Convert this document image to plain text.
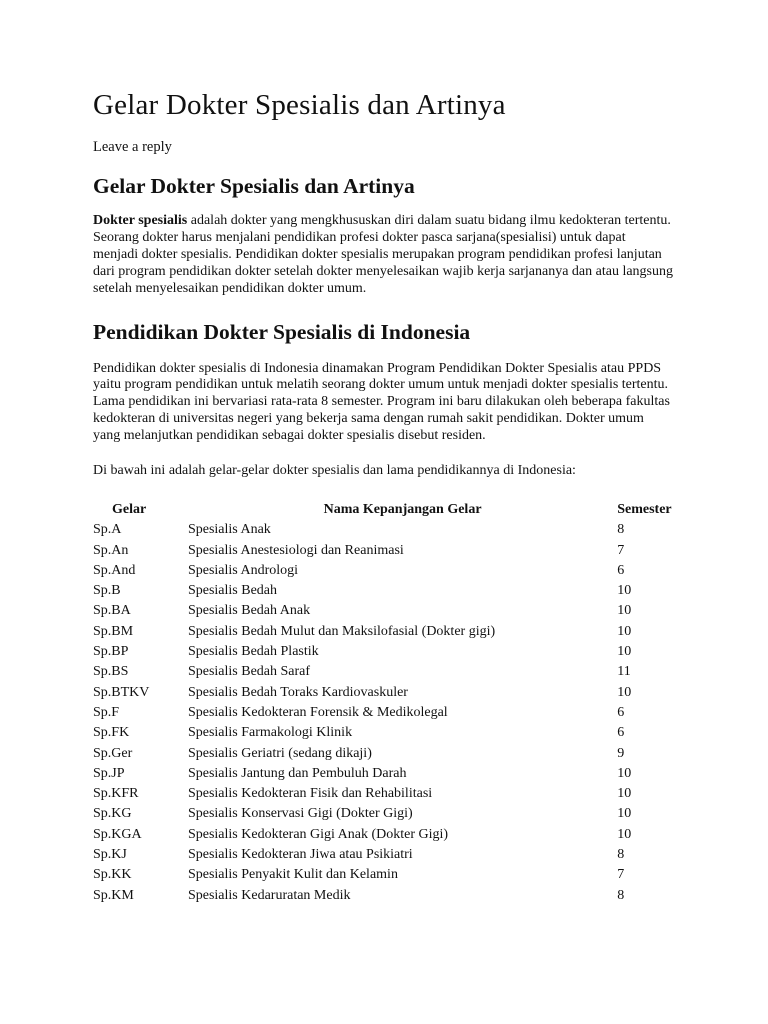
Gelar Dokter Spesialis dan Artinya

Leave a reply

Gelar Dokter Spesialis dan Artinya

Dokter spesialis adalah dokter yang mengkhususkan diri dalam suatu bidang ilmu kedokteran tertentu. Seorang dokter harus menjalani pendidikan profesi dokter pasca sarjana(spesialisi) untuk dapat menjadi dokter spesialis. Pendidikan dokter spesialis merupakan program pendidikan profesi lanjutan dari program pendidikan dokter setelah dokter menyelesaikan wajib kerja sarjananya dan atau langsung setelah menyelesaikan pendidikan dokter umum.

Pendidikan Dokter Spesialis di Indonesia

Pendidikan dokter spesialis di Indonesia dinamakan Program Pendidikan Dokter Spesialis atau PPDS yaitu program pendidikan untuk melatih seorang dokter umum untuk menjadi dokter spesialis tertentu. Lama pendidikan ini bervariasi rata-rata 8 semester. Program ini baru dilakukan oleh beberapa fakultas kedokteran di universitas negeri yang bekerja sama dengan rumah sakit pendidikan. Dokter umum yang melanjutkan pendidikan sebagai dokter spesialis disebut residen.

Di bawah ini adalah gelar-gelar dokter spesialis dan lama pendidikannya di Indonesia:

Gelar	Nama Kepanjangan Gelar	Semester
Sp.A	Spesialis Anak	8
Sp.An	Spesialis Anestesiologi dan Reanimasi	7
Sp.And	Spesialis Andrologi	6
Sp.B	Spesialis Bedah	10
Sp.BA	Spesialis Bedah Anak	10
Sp.BM	Spesialis Bedah Mulut dan Maksilofasial (Dokter gigi)	10
Sp.BP	Spesialis Bedah Plastik	10
Sp.BS	Spesialis Bedah Saraf	11
Sp.BTKV	Spesialis Bedah Toraks Kardiovaskuler	10
Sp.F	Spesialis Kedokteran Forensik & Medikolegal	6
Sp.FK	Spesialis Farmakologi Klinik	6
Sp.Ger	Spesialis Geriatri (sedang dikaji)	9
Sp.JP	Spesialis Jantung dan Pembuluh Darah	10
Sp.KFR	Spesialis Kedokteran Fisik dan Rehabilitasi	10
Sp.KG	Spesialis Konservasi Gigi (Dokter Gigi)	10
Sp.KGA	Spesialis Kedokteran Gigi Anak (Dokter Gigi)	10
Sp.KJ	Spesialis Kedokteran Jiwa atau Psikiatri	8
Sp.KK	Spesialis Penyakit Kulit dan Kelamin	7
Sp.KM	Spesialis Kedaruratan Medik	8
